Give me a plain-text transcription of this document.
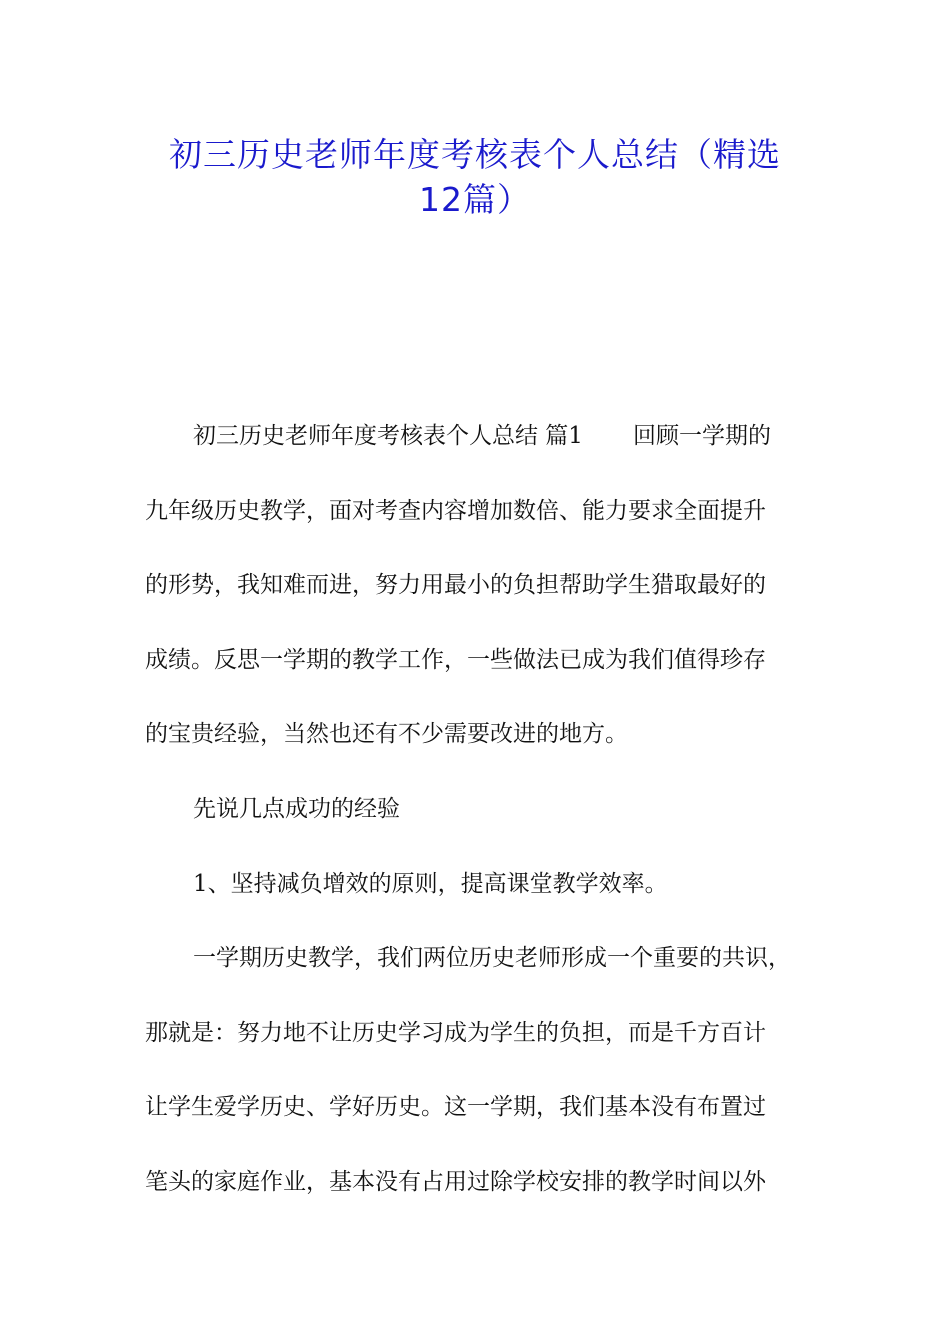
初三历史老师年度考核表个人总结（精选
12篇）

初三历史老师年度考核表个人总结 篇1 回顾一学期的

九年级历史教学，面对考查内容增加数倍、能力要求全面提升

的形势，我知难而进，努力用最小的负担帮助学生猎取最好的

成绩。反思一学期的教学工作，一些做法已成为我们值得珍存

的宝贵经验，当然也还有不少需要改进的地方。

先说几点成功的经验

1、坚持减负增效的原则，提高课堂教学效率。

一学期历史教学，我们两位历史老师形成一个重要的共识，

那就是：努力地不让历史学习成为学生的负担，而是千方百计

让学生爱学历史、学好历史。这一学期，我们基本没有布置过

笔头的家庭作业，基本没有占用过除学校安排的教学时间以外
